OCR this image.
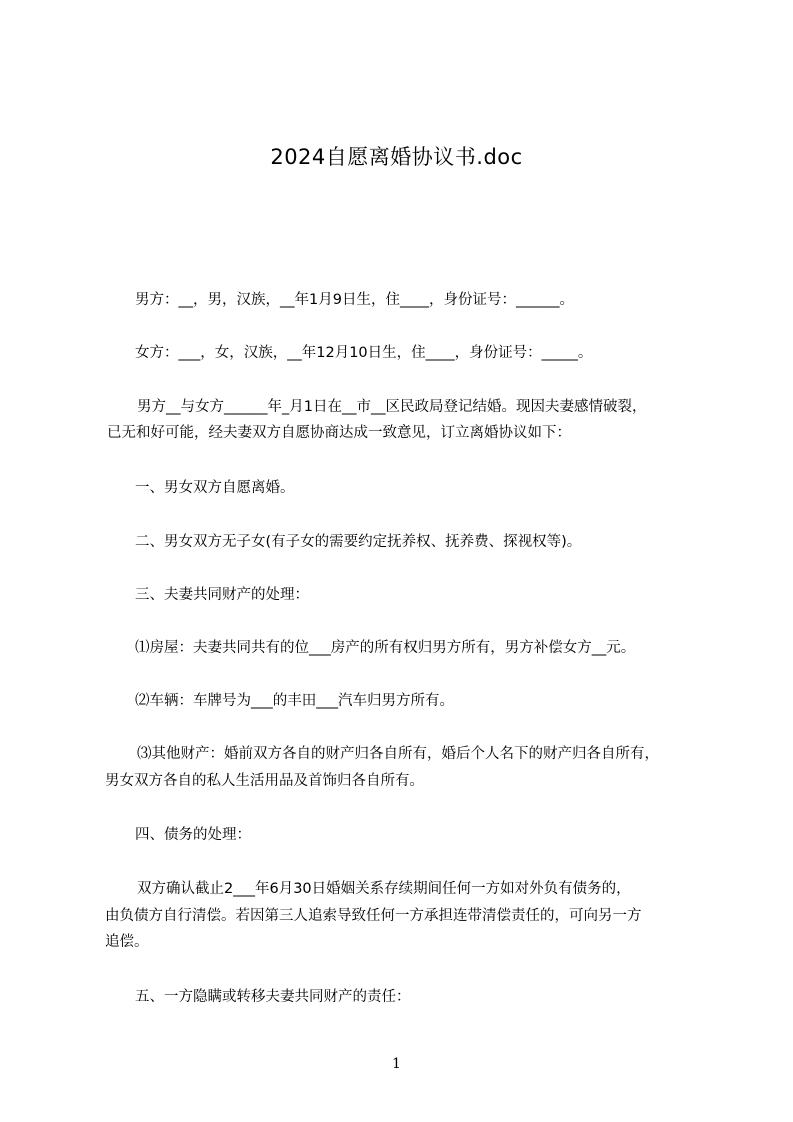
2024自愿离婚协议书.doc
男方：__，男，汉族，__年1月9日生，住____，身份证号：______。
女方：___，女，汉族，__年12月10日生，住____，身份证号：_____。
男方__与女方______年_月1日在__市__区民政局登记结婚。现因夫妻感情破裂，
已无和好可能，经夫妻双方自愿协商达成一致意见，订立离婚协议如下：
一、男女双方自愿离婚。
二、男女双方无子女(有子女的需要约定抚养权、抚养费、探视权等)。
三、夫妻共同财产的处理：
⑴房屋：夫妻共同共有的位___房产的所有权归男方所有，男方补偿女方__元。
⑵车辆：车牌号为___的丰田___汽车归男方所有。
⑶其他财产：婚前双方各自的财产归各自所有，婚后个人名下的财产归各自所有，
男女双方各自的私人生活用品及首饰归各自所有。
四、债务的处理：
双方确认截止2___年6月30日婚姻关系存续期间任何一方如对外负有债务的，
由负债方自行清偿。若因第三人追索导致任何一方承担连带清偿责任的，可向另一方
追偿。
五、一方隐瞒或转移夫妻共同财产的责任：
1
